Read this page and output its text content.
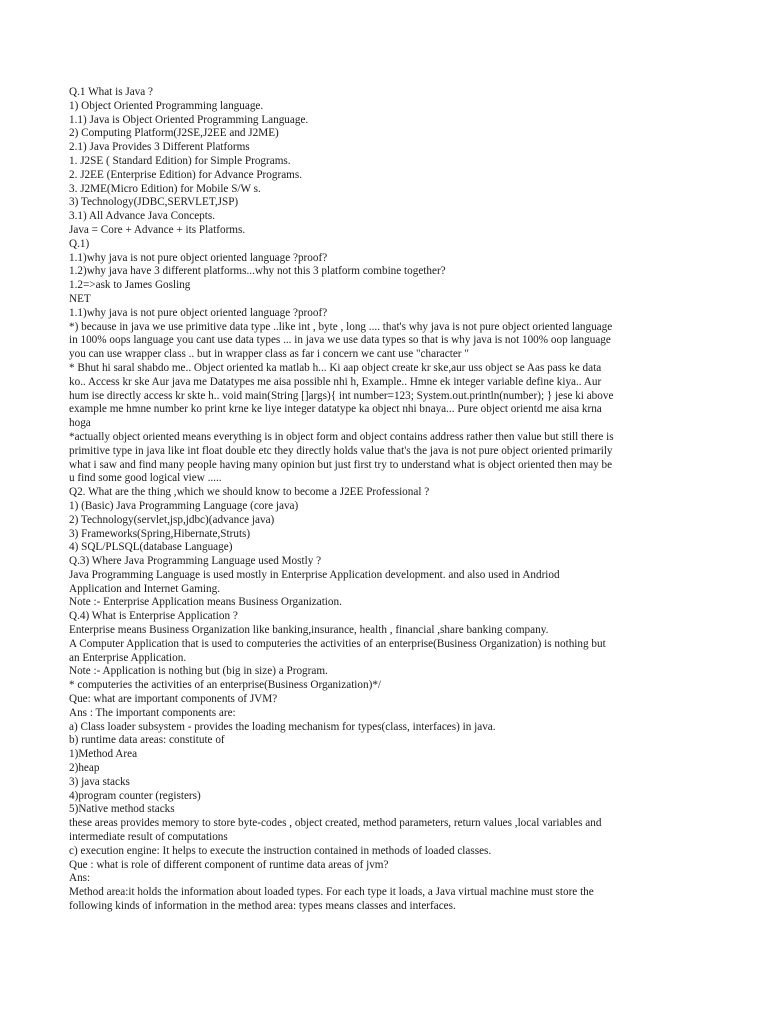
Q.1 What is Java ?
1) Object Oriented Programming language.
1.1) Java is Object Oriented Programming Language.
2) Computing Platform(J2SE,J2EE and J2ME)
2.1) Java Provides 3 Different Platforms
1. J2SE ( Standard Edition) for Simple Programs.
2. J2EE (Enterprise Edition) for Advance Programs.
3. J2ME(Micro Edition) for Mobile S/W s.
3) Technology(JDBC,SERVLET,JSP)
3.1) All Advance Java Concepts.
Java = Core + Advance + its Platforms.
Q.1)
1.1)why java is not pure object oriented language ?proof?
1.2)why java have 3 different platforms...why not this 3 platform combine together?
1.2=>ask to James Gosling
NET
1.1)why java is not pure object oriented language ?proof?
*) because in java we use primitive data type ..like int , byte , long .... that's why java is not pure object oriented language
in 100% oops language you cant use data types ... in java we use data types so that is why java is not 100% oop language
you can use wrapper class .. but in wrapper class as far i concern we cant use "character "
* Bhut hi saral shabdo me.. Object oriented ka matlab h... Ki aap object create kr ske,aur uss object se Aas pass ke data
ko.. Access kr ske Aur java me Datatypes me aisa possible nhi h, Example.. Hmne ek integer variable define kiya.. Aur
hum ise directly access kr skte h.. void main(String []args){ int number=123; System.out.println(number); } jese ki above
example me hmne number ko print krne ke liye integer datatype ka object nhi bnaya... Pure object orientd me aisa krna
hoga
*actually object oriented means everything is in object form and object contains address rather then value but still there is
primitive type in java like int float double etc they directly holds value that's the java is not pure object oriented primarily
what i saw and find many people having many opinion but just first try to understand what is object oriented then may be
u find some good logical view .....
Q2. What are the thing ,which we should know to become a J2EE Professional ?
1) (Basic) Java Programming Language (core java)
2) Technology(servlet,jsp,jdbc)(advance java)
3) Frameworks(Spring,Hibernate,Struts)
4) SQL/PLSQL(database Language)
Q.3) Where Java Programming Language used Mostly ?
Java Programming Language is used mostly in Enterprise Application development. and also used in Andriod
Application and Internet Gaming.
Note :- Enterprise Application means Business Organization.
Q.4) What is Enterprise Application ?
Enterprise means Business Organization like banking,insurance, health , financial ,share banking company.
A Computer Application that is used to computeries the activities of an enterprise(Business Organization) is nothing but
an Enterprise Application.
Note :- Application is nothing but (big in size) a Program.
* computeries the activities of an enterprise(Business Organization)*/
Que: what are important components of JVM?
Ans : The important components are:
a) Class loader subsystem - provides the loading mechanism for types(class, interfaces) in java.
b) runtime data areas: constitute of
1)Method Area
2)heap
3) java stacks
4)program counter (registers)
5)Native method stacks
these areas provides memory to store byte-codes , object created, method parameters, return values ,local variables and
intermediate result of computations
c) execution engine: It helps to execute the instruction contained in methods of loaded classes.
Que : what is role of different component of runtime data areas of jvm?
Ans:
Method area:it holds the information about loaded types. For each type it loads, a Java virtual machine must store the
following kinds of information in the method area: types means classes and interfaces.
